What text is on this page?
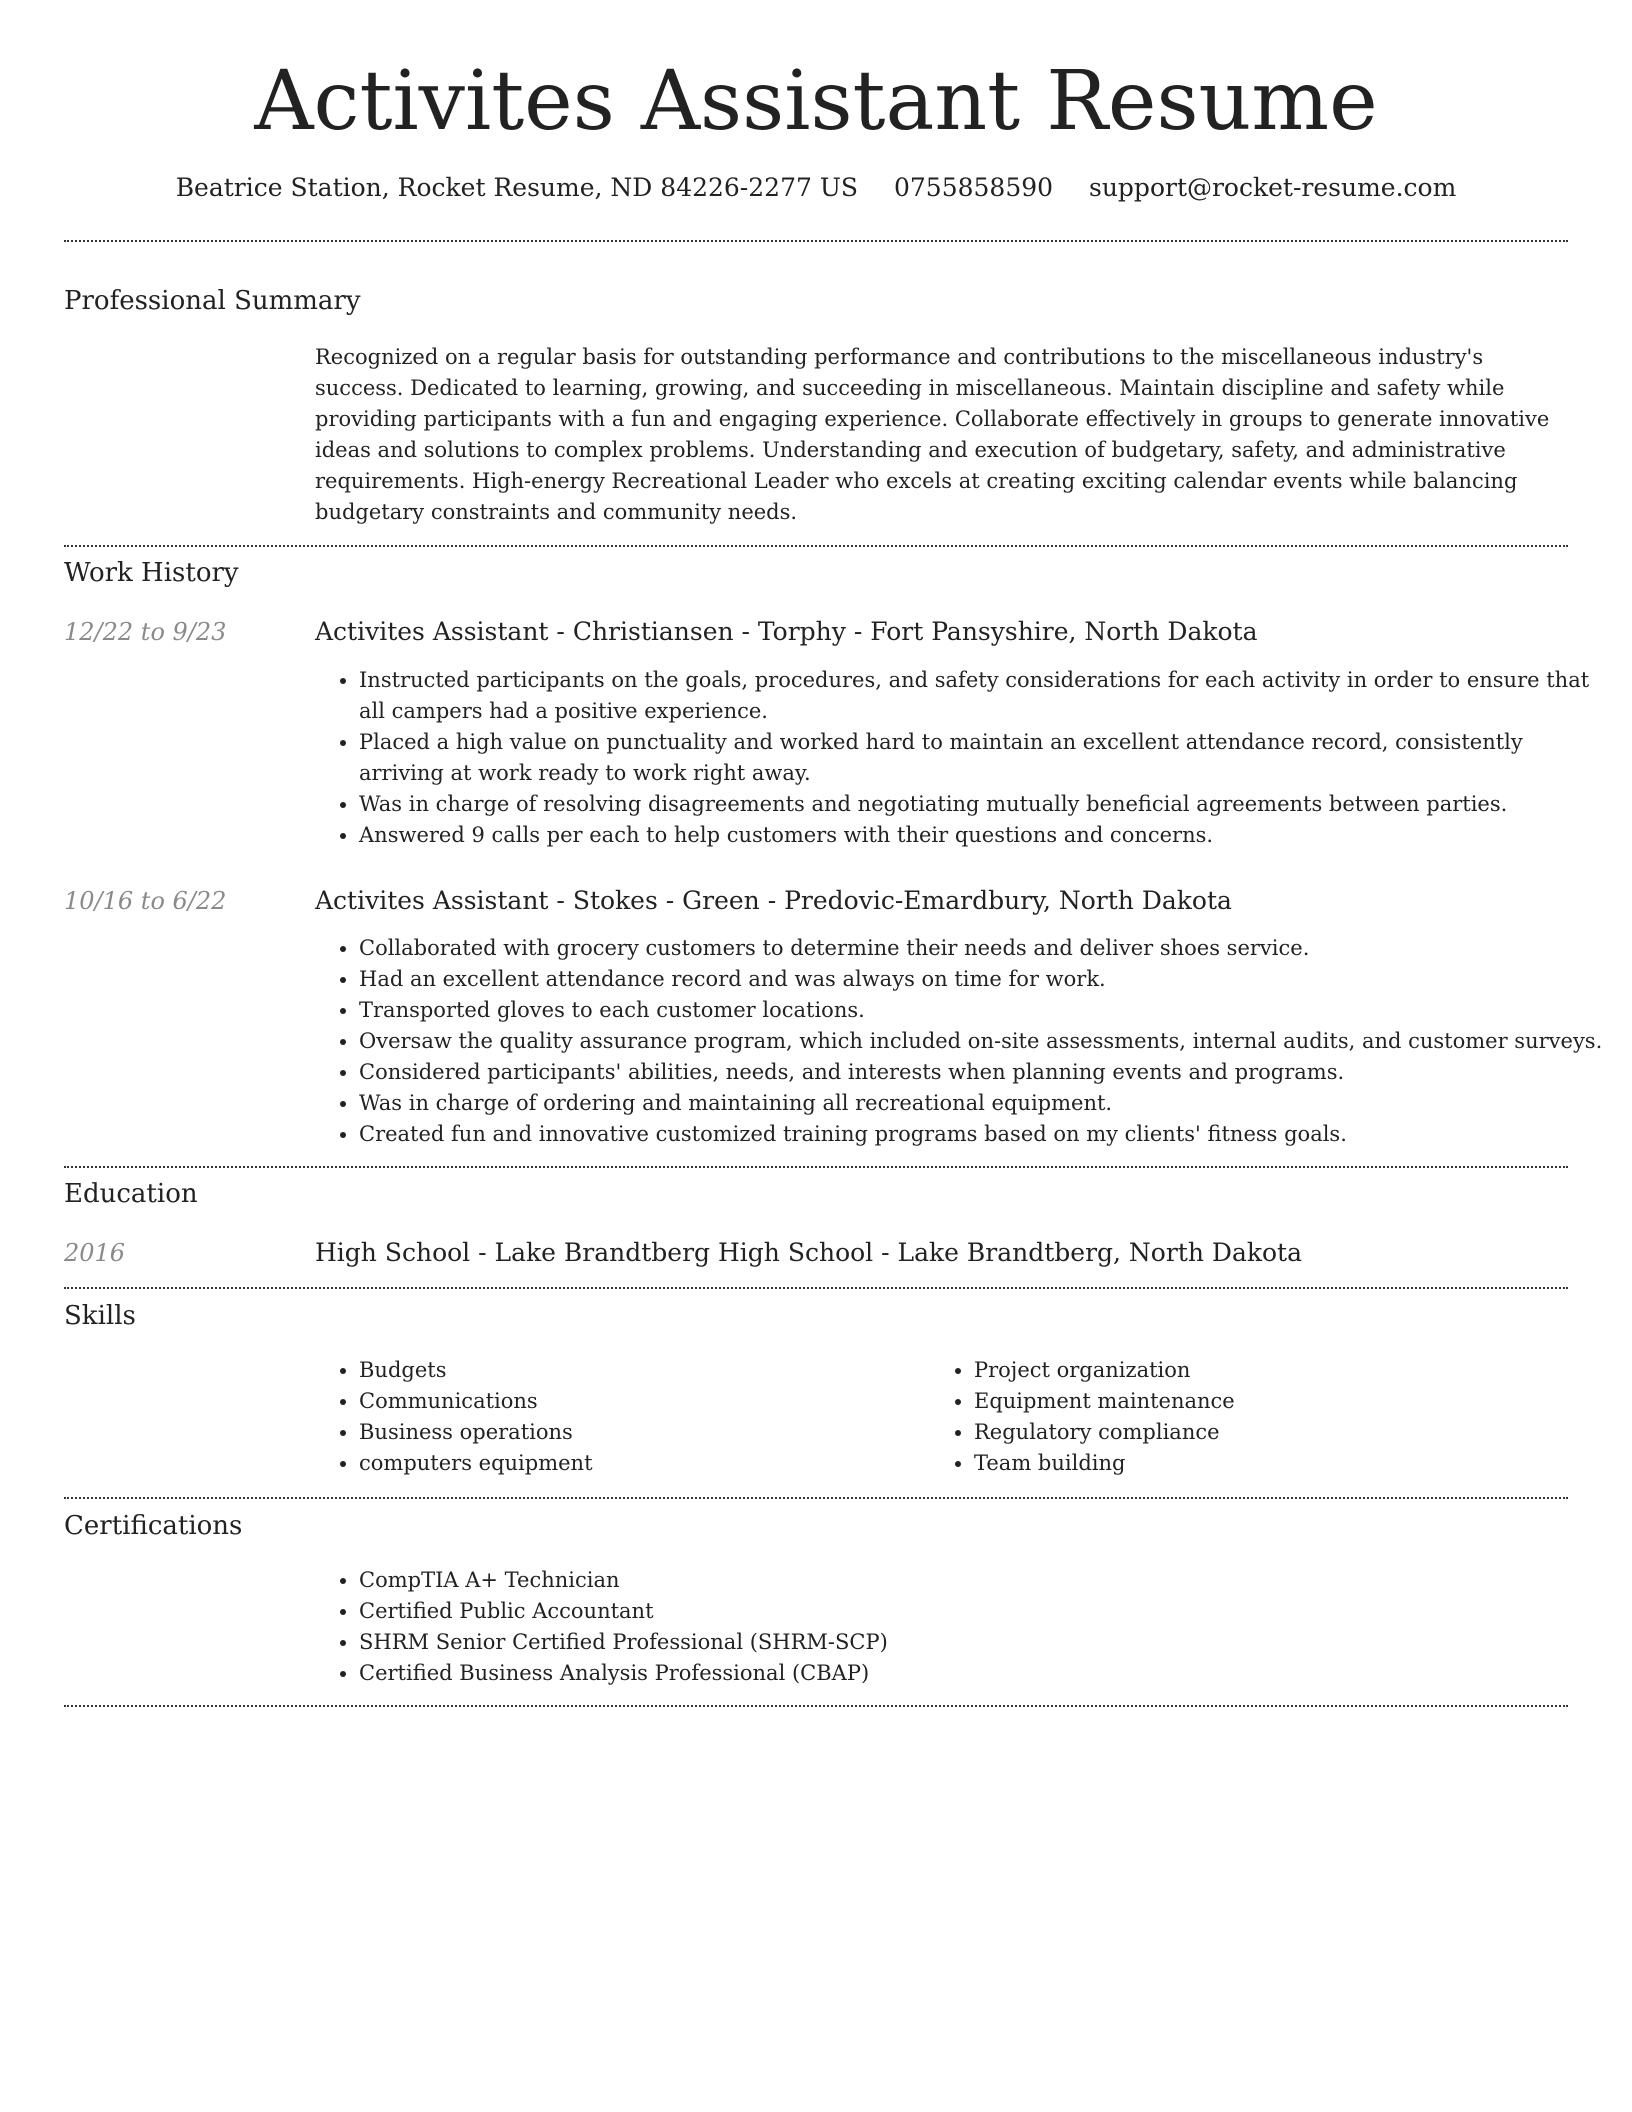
Activites Assistant Resume
Beatrice Station, Rocket Resume, ND 84226-2277 US 0755858590 support@rocket-resume.com
Professional Summary
Recognized on a regular basis for outstanding performance and contributions to the miscellaneous industry's success. Dedicated to learning, growing, and succeeding in miscellaneous. Maintain discipline and safety while providing participants with a fun and engaging experience. Collaborate effectively in groups to generate innovative ideas and solutions to complex problems. Understanding and execution of budgetary, safety, and administrative requirements. High-energy Recreational Leader who excels at creating exciting calendar events while balancing budgetary constraints and community needs.
Work History
12/22 to 9/23	Activites Assistant - Christiansen - Torphy - Fort Pansyshire, North Dakota
• Instructed participants on the goals, procedures, and safety considerations for each activity in order to ensure that all campers had a positive experience.
• Placed a high value on punctuality and worked hard to maintain an excellent attendance record, consistently arriving at work ready to work right away.
• Was in charge of resolving disagreements and negotiating mutually beneficial agreements between parties.
• Answered 9 calls per each to help customers with their questions and concerns.
10/16 to 6/22	Activites Assistant - Stokes - Green - Predovic-Emardbury, North Dakota
• Collaborated with grocery customers to determine their needs and deliver shoes service.
• Had an excellent attendance record and was always on time for work.
• Transported gloves to each customer locations.
• Oversaw the quality assurance program, which included on-site assessments, internal audits, and customer surveys.
• Considered participants' abilities, needs, and interests when planning events and programs.
• Was in charge of ordering and maintaining all recreational equipment.
• Created fun and innovative customized training programs based on my clients' fitness goals.
Education
2016	High School - Lake Brandtberg High School - Lake Brandtberg, North Dakota
Skills
• Budgets
• Communications
• Business operations
• computers equipment
• Project organization
• Equipment maintenance
• Regulatory compliance
• Team building
Certifications
• CompTIA A+ Technician
• Certified Public Accountant
• SHRM Senior Certified Professional (SHRM-SCP)
• Certified Business Analysis Professional (CBAP)
